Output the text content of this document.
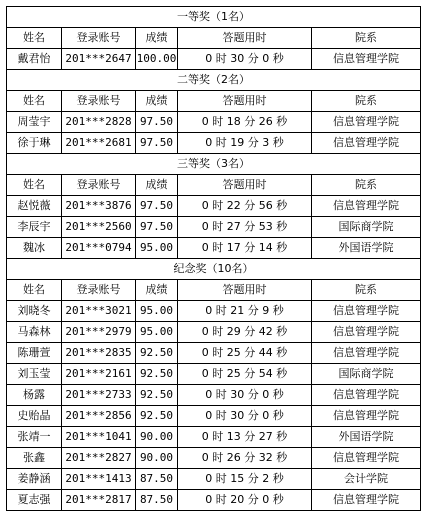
一等奖（1名）				
姓名	登录账号	成绩	答题用时	院系
戴君怡	201***2647	100.00	0 时 30 分 0 秒	信息管理学院
二等奖（2名）				
姓名	登录账号	成绩	答题用时	院系
周莹宇	201***2828	97.50	0 时 18 分 26 秒	信息管理学院
徐于琳	201***2681	97.50	0 时 19 分 3 秒	信息管理学院
三等奖（3名）				
姓名	登录账号	成绩	答题用时	院系
赵悦薇	201***3876	97.50	0 时 22 分 56 秒	信息管理学院
李辰宇	201***2560	97.50	0 时 27 分 53 秒	国际商学院
魏冰	201***0794	95.00	0 时 17 分 14 秒	外国语学院
纪念奖（10名）				
姓名	登录账号	成绩	答题用时	院系
刘晓冬	201***3021	95.00	0 时 21 分 9 秒	信息管理学院
马森林	201***2979	95.00	0 时 29 分 42 秒	信息管理学院
陈珊萱	201***2835	92.50	0 时 25 分 44 秒	信息管理学院
刘玉莹	201***2161	92.50	0 时 25 分 54 秒	国际商学院
杨露	201***2733	92.50	0 时 30 分 0 秒	信息管理学院
史贻晶	201***2856	92.50	0 时 30 分 0 秒	信息管理学院
张靖一	201***1041	90.00	0 时 13 分 27 秒	外国语学院
张鑫	201***2827	90.00	0 时 26 分 32 秒	信息管理学院
姜静涵	201***1413	87.50	0 时 15 分 2 秒	会计学院
夏志强	201***2817	87.50	0 时 20 分 0 秒	信息管理学院
